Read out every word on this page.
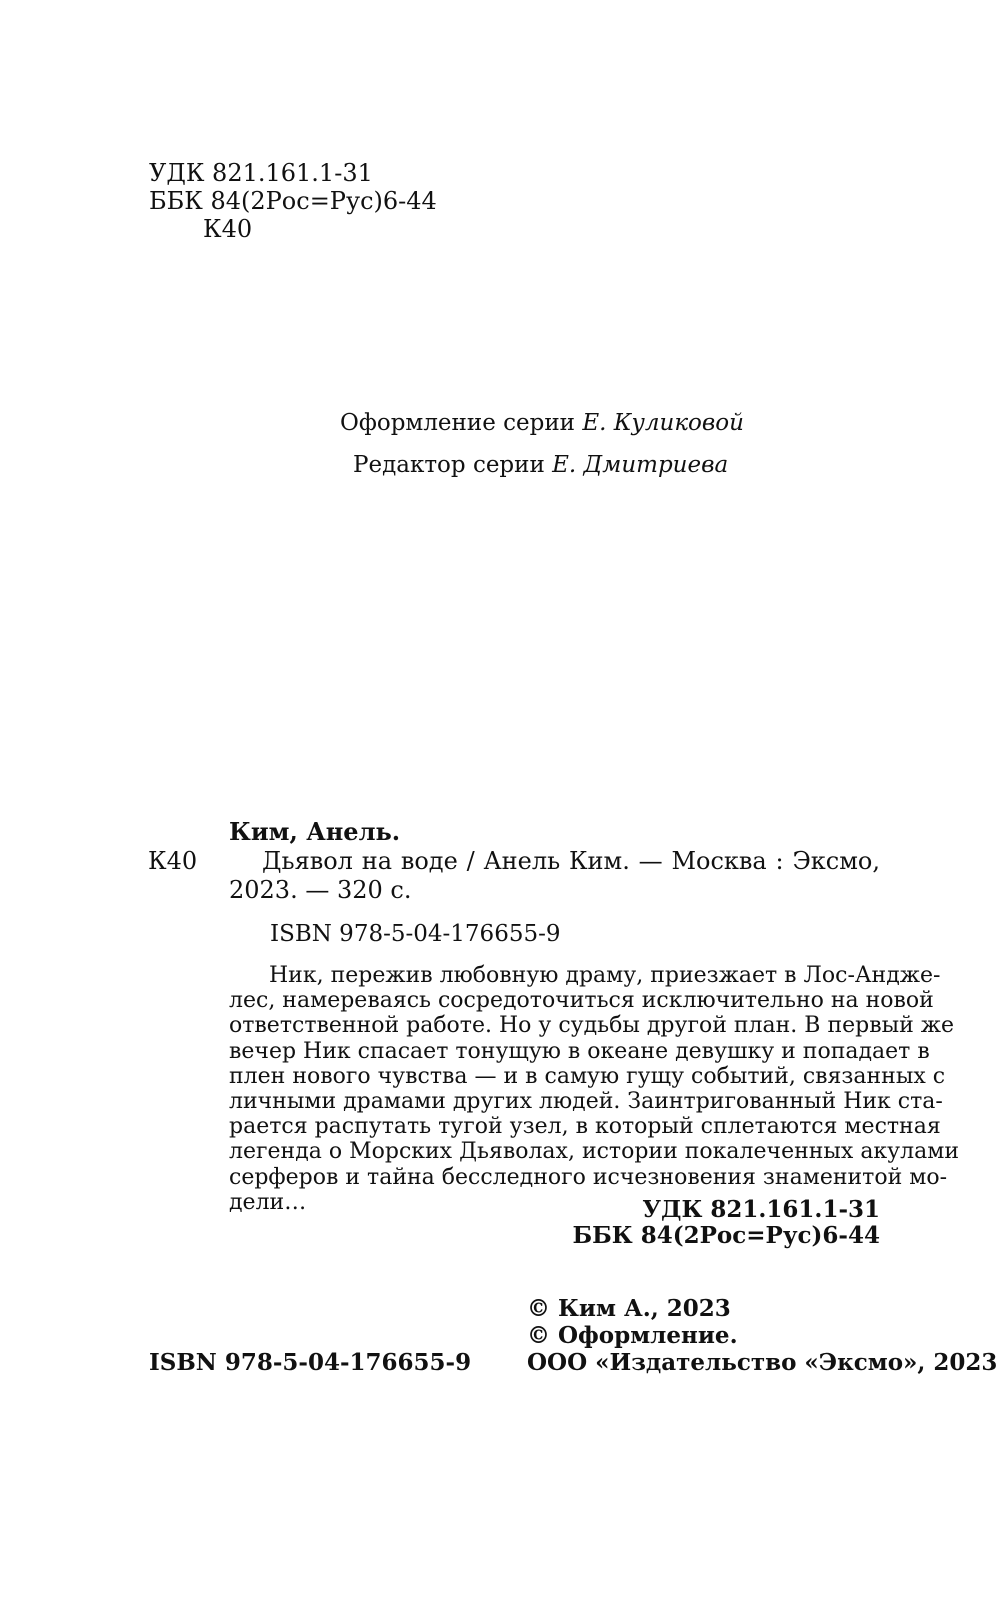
УДК 821.161.1-31
ББК 84(2Рос=Рус)6-44
К40
Оформление серии Е. Куликовой
Редактор серии Е. Дмитриева
Ким, Анель.
К40	Дьявол на воде / Анель Ким. — Москва : Эксмо,
2023. — 320 с.
ISBN 978-5-04-176655-9
Ник, пережив любовную драму, приезжает в Лос-Андже-
лес, намереваясь сосредоточиться исключительно на новой
ответственной работе. Но у судьбы другой план. В первый же
вечер Ник спасает тонущую в океане девушку и попадает в
плен нового чувства — и в самую гущу событий, связанных с
личными драмами других людей. Заинтригованный Ник ста-
рается распутать тугой узел, в который сплетаются местная
легенда о Морских Дьяволах, истории покалеченных акулами
серферов и тайна бесследного исчезновения знаменитой мо-
дели…	УДК 821.161.1-31
ББК 84(2Рос=Рус)6-44
© Ким А., 2023
© Оформление.
ООО «Издательство «Эксмо», 2023
ISBN 978-5-04-176655-9
